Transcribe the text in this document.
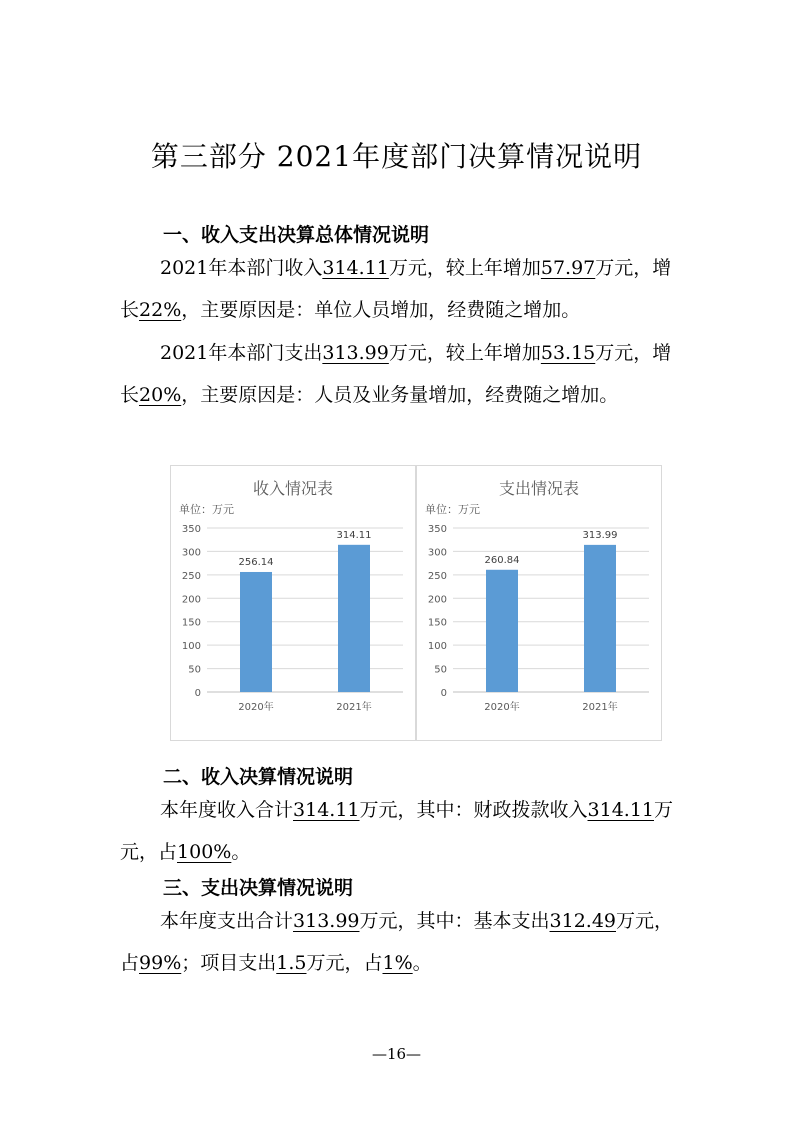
第三部分 2021年度部门决算情况说明
一、收入支出决算总体情况说明
2021年本部门收入314.11万元，较上年增加57.97万元，增长22%，主要原因是：单位人员增加，经费随之增加。
2021年本部门支出313.99万元，较上年增加53.15万元，增长20%，主要原因是：人员及业务量增加，经费随之增加。
收入情况表
单位：万元
0
50
100
150
200
250
300
350
256.14
2020年
314.11
2021年
支出情况表
单位：万元
0
50
100
150
200
250
300
350
260.84
2020年
313.99
2021年
二、收入决算情况说明
本年度收入合计314.11万元，其中：财政拨款收入314.11万元，占100%。
三、支出决算情况说明
本年度支出合计313.99万元，其中：基本支出312.49万元，占99%；项目支出1.5万元，占1%。
—16—
